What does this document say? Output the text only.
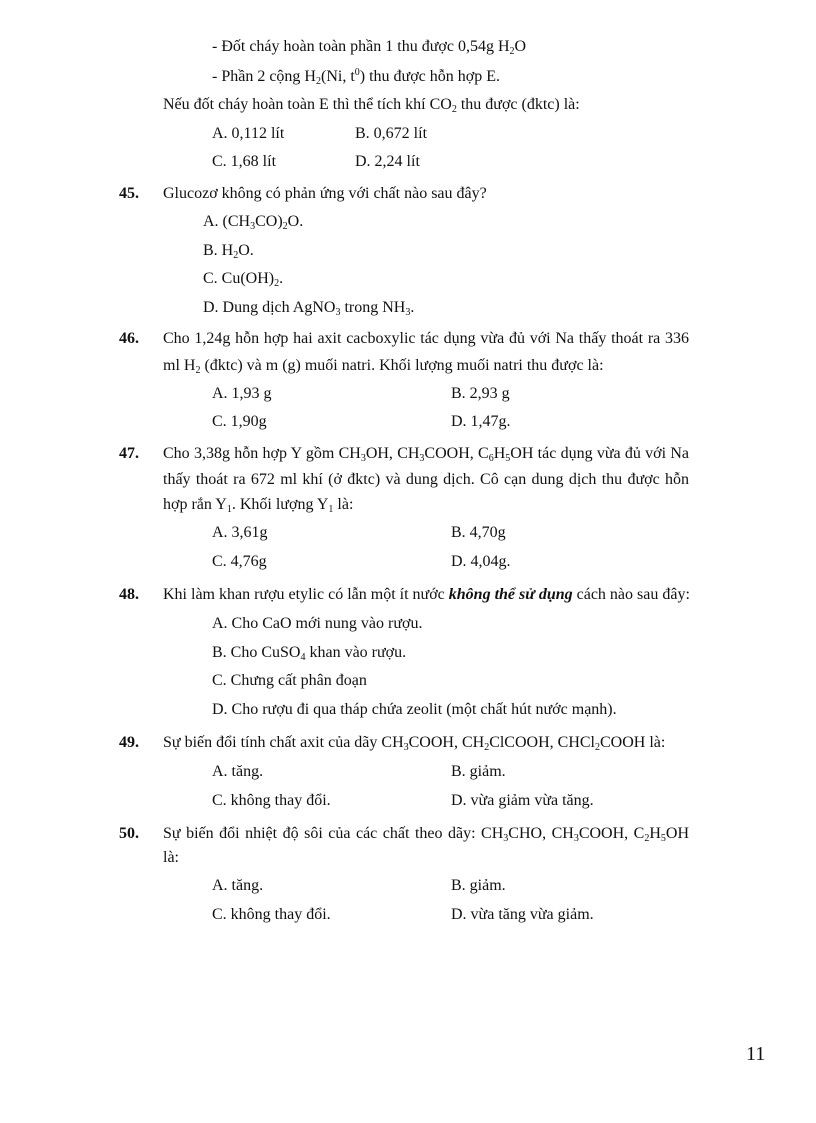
- Đốt cháy hoàn toàn phần 1 thu được 0,54g $H_2O$
- Phần 2 cộng $H_2(Ni$, $t^0$) thu được hỗn hợp E.
Nếu đốt cháy hoàn toàn E thì thể tích khí $CO_2$ thu được (đktc) là:
A. 0,112 lít	B. 0,672 lít
C. 1,68 lít	D. 2,24 lít
45. Glucozơ không có phản ứng với chất nào sau đây?
A. $(CH_3CO)_2O$.
B. $H_2O$.
C. $Cu(OH)_2$.
D. Dung dịch AgNO$_3$ trong $NH_3$.
46. Cho 1,24g hỗn hợp hai axit cacboxylic tác dụng vừa đủ với Na thấy thoát ra 336
ml $H_2$ (đktc) và m (g) muối natri. Khối lượng muối natri thu được là:
A. 1,93 g	B. 2,93 g
C. 1,90g	D. 1,47g.
47. Cho 3,38g hỗn hợp Y gồm $CH_3OH$, $CH_3COOH$, $C_6H_5OH$ tác dụng vừa đủ với Na
thấy thoát ra 672 ml khí (ở đktc) và dung dịch. Cô cạn dung dịch thu được hỗn
hợp rắn $Y_1$. Khối lượng $Y_1$ là:
A. 3,61g	B. 4,70g
C. 4,76g	D. 4,04g.
48. Khi làm khan rượu etylic có lẫn một ít nước không thể sử dụng cách nào sau đây:
A. Cho CaO mới nung vào rượu.
B. Cho CuSO$_4$ khan vào rượu.
C. Chưng cất phân đoạn
D. Cho rượu đi qua tháp chứa zeolit (một chất hút nước mạnh).
49. Sự biến đổi tính chất axit của dãy $CH_3COOH$, $CH_2ClCOOH$, CHCl$_2$COOH là:
A. tăng.	B. giảm.
C. không thay đổi.	D. vừa giảm vừa tăng.
50. Sự biến đổi nhiệt độ sôi của các chất theo dãy: $CH_3CHO$, $CH_3COOH$, $C_2H_5OH$
là:
A. tăng.	B. giảm.
C. không thay đổi.	D. vừa tăng vừa giảm.
11
